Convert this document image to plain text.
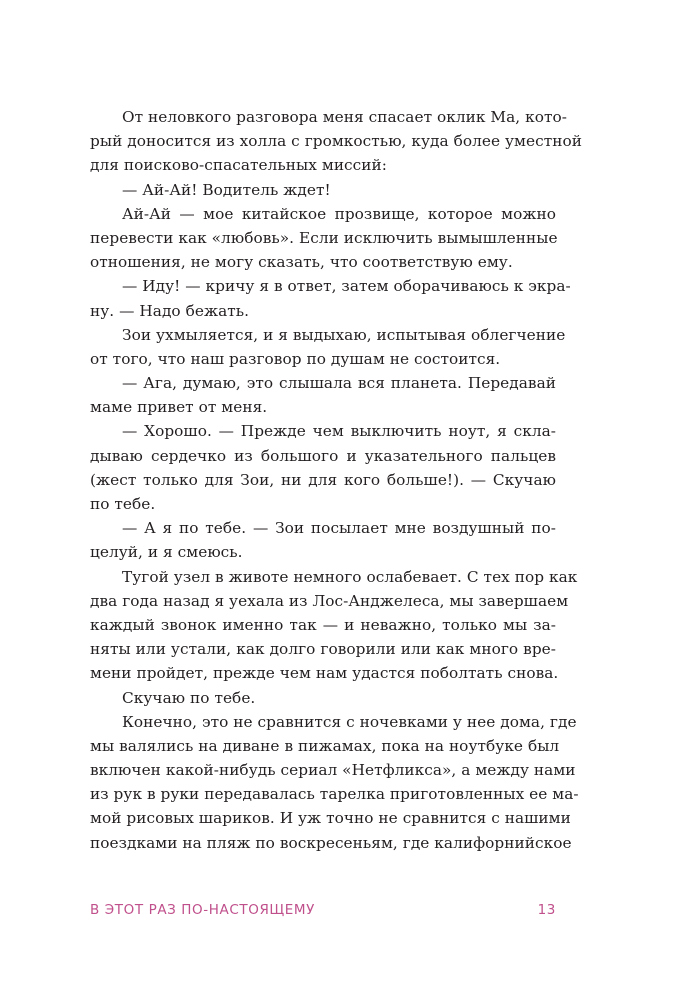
От неловкого разговора меня спасает оклик Ма, кото-
рый доносится из холла с громкостью, куда более уместной
для поисково-спасательных миссий:
— Ай-Ай! Водитель ждет!
Ай-Ай — мое китайское прозвище, которое можно
перевести как «любовь». Если исключить вымышленные
отношения, не могу сказать, что соответствую ему.
— Иду! — кричу я в ответ, затем оборачиваюсь к экра-
ну. — Надо бежать.
Зои ухмыляется, и я выдыхаю, испытывая облегчение
от того, что наш разговор по душам не состоится.
— Ага, думаю, это слышала вся планета. Передавай
маме привет от меня.
— Хорошо. — Прежде чем выключить ноут, я скла-
дываю сердечко из большого и указательного пальцев
(жест только для Зои, ни для кого больше!). — Скучаю
по тебе.
— А я по тебе. — Зои посылает мне воздушный по-
целуй, и я смеюсь.
Тугой узел в животе немного ослабевает. С тех пор как
два года назад я уехала из Лос-Анджелеса, мы завершаем
каждый звонок именно так — и неважно, только мы за-
няты или устали, как долго говорили или как много вре-
мени пройдет, прежде чем нам удастся поболтать снова.
Скучаю по тебе.
Конечно, это не сравнится с ночевками у нее дома, где
мы валялись на диване в пижамах, пока на ноутбуке был
включен какой-нибудь сериал «Нетфликса», а между нами
из рук в руки передавалась тарелка приготовленных ее ма-
мой рисовых шариков. И уж точно не сравнится с нашими
поездками на пляж по воскресеньям, где калифорнийское
В ЭТОТ РАЗ ПО-НАСТОЯЩЕМУ	13
